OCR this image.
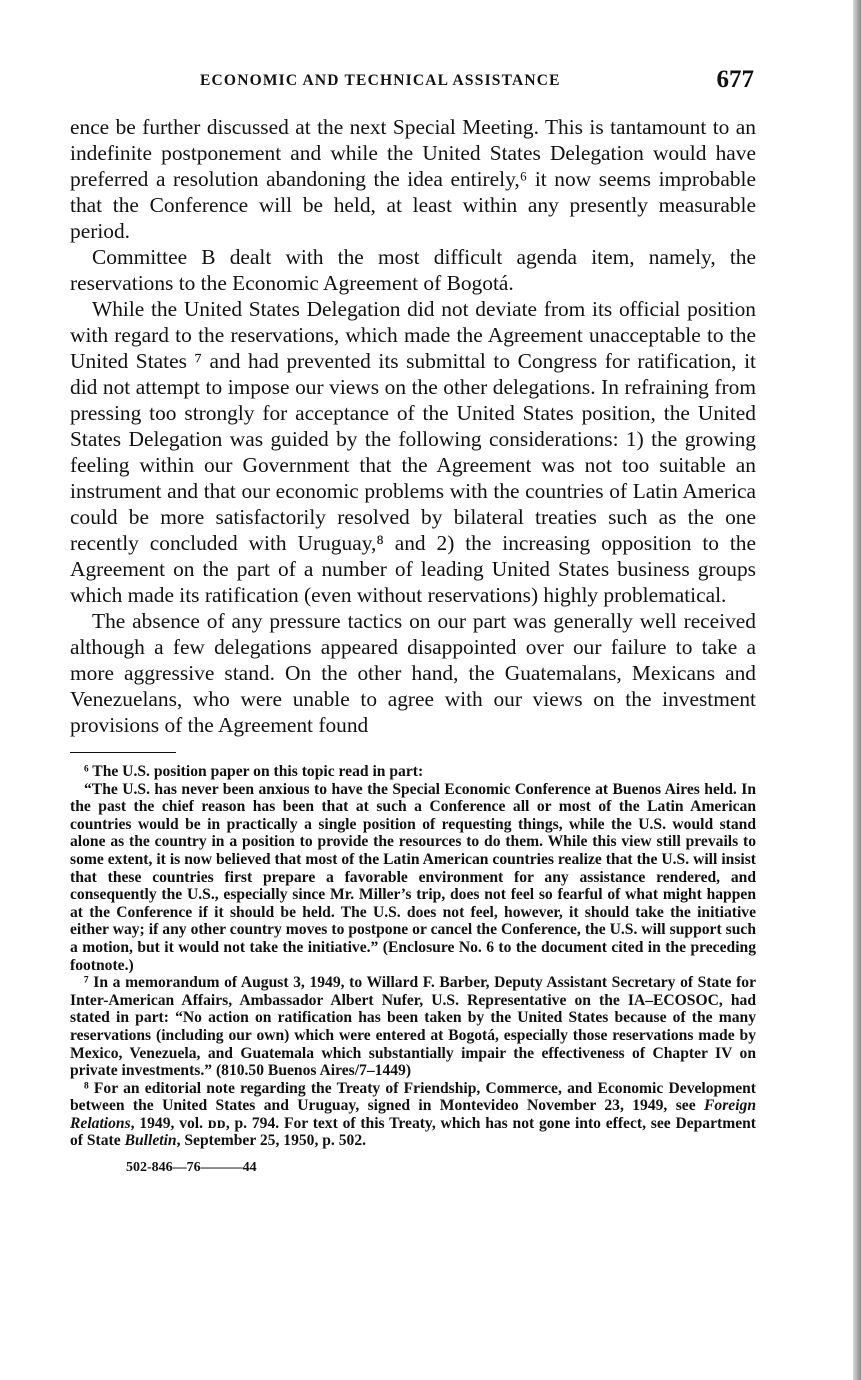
ECONOMIC AND TECHNICAL ASSISTANCE	677

ence be further discussed at the next Special Meeting. This is tantamount to an indefinite postponement and while the United States Delegation would have preferred a resolution abandoning the idea entirely,⁶ it now seems improbable that the Conference will be held, at least within any presently measurable period.

Committee B dealt with the most difficult agenda item, namely, the reservations to the Economic Agreement of Bogotá.

While the United States Delegation did not deviate from its official position with regard to the reservations, which made the Agreement unacceptable to the United States ⁷ and had prevented its submittal to Congress for ratification, it did not attempt to impose our views on the other delegations. In refraining from pressing too strongly for acceptance of the United States position, the United States Delegation was guided by the following considerations: 1) the growing feeling within our Government that the Agreement was not too suitable an instrument and that our economic problems with the countries of Latin America could be more satisfactorily resolved by bilateral treaties such as the one recently concluded with Uruguay,⁸ and 2) the increasing opposition to the Agreement on the part of a number of leading United States business groups which made its ratification (even without reservations) highly problematical.

The absence of any pressure tactics on our part was generally well received although a few delegations appeared disappointed over our failure to take a more aggressive stand. On the other hand, the Guatemalans, Mexicans and Venezuelans, who were unable to agree with our views on the investment provisions of the Agreement found

⁶ The U.S. position paper on this topic read in part:

“The U.S. has never been anxious to have the Special Economic Conference at Buenos Aires held. In the past the chief reason has been that at such a Conference all or most of the Latin American countries would be in practically a single position of requesting things, while the U.S. would stand alone as the country in a position to provide the resources to do them. While this view still prevails to some extent, it is now believed that most of the Latin American countries realize that the U.S. will insist that these countries first prepare a favorable environment for any assistance rendered, and consequently the U.S., especially since Mr. Miller’s trip, does not feel so fearful of what might happen at the Conference if it should be held. The U.S. does not feel, however, it should take the initiative either way; if any other country moves to postpone or cancel the Conference, the U.S. will support such a motion, but it would not take the initiative.” (Enclosure No. 6 to the document cited in the preceding footnote.)

⁷ In a memorandum of August 3, 1949, to Willard F. Barber, Deputy Assistant Secretary of State for Inter-American Affairs, Ambassador Albert Nufer, U.S. Representative on the IA–ECOSOC, had stated in part: “No action on ratification has been taken by the United States because of the many reservations (including our own) which were entered at Bogotá, especially those reservations made by Mexico, Venezuela, and Guatemala which substantially impair the effectiveness of Chapter IV on private investments.” (810.50 Buenos Aires/7–1449)

⁸ For an editorial note regarding the Treaty of Friendship, Commerce, and Economic Development between the United States and Uruguay, signed in Montevideo November 23, 1949, see Foreign Relations, 1949, vol. ᴅᴅ, p. 794. For text of this Treaty, which has not gone into effect, see Department of State Bulletin, September 25, 1950, p. 502.

502-846—76———44
